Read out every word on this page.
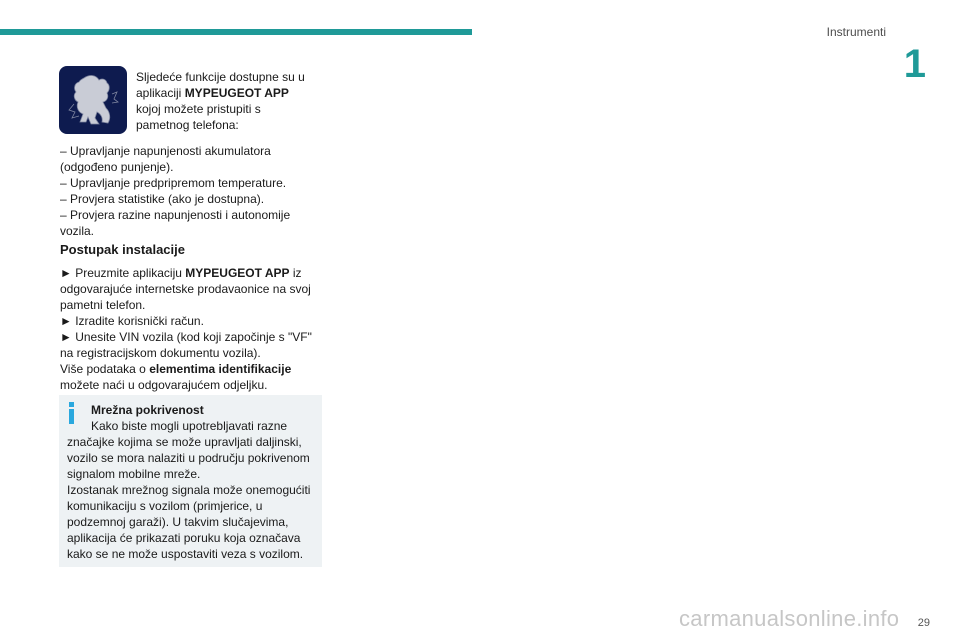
Instrumenti
1
Sljedeće funkcije dostupne su u aplikaciji MYPEUGEOT APP kojoj možete pristupiti s pametnog telefona:

– Upravljanje napunjenosti akumulatora (odgođeno punjenje).

– Upravljanje predpripremom temperature.

– Provjera statistike (ako je dostupna).

– Provjera razine napunjenosti i autonomije vozila.

Postupak instalacije

► Preuzmite aplikaciju MYPEUGEOT APP iz odgovarajuće internetske prodavaonice na svoj pametni telefon.

► Izradite korisnički račun.

► Unesite VIN vozila (kod koji započinje s "VF" na registracijskom dokumentu vozila).

Više podataka o elementima identifikacije možete naći u odgovarajućem odjeljku.

Mrežna pokrivenost

Kako biste mogli upotrebljavati razne

značajke kojima se može upravljati daljinski, vozilo se mora nalaziti u području pokrivenom signalom mobilne mreže.

Izostanak mrežnog signala može onemogućiti komunikaciju s vozilom (primjerice, u podzemnoj garaži). U takvim slučajevima, aplikacija će prikazati poruku koja označava kako se ne može uspostaviti veza s vozilom.

carmanualsonline.info 29
